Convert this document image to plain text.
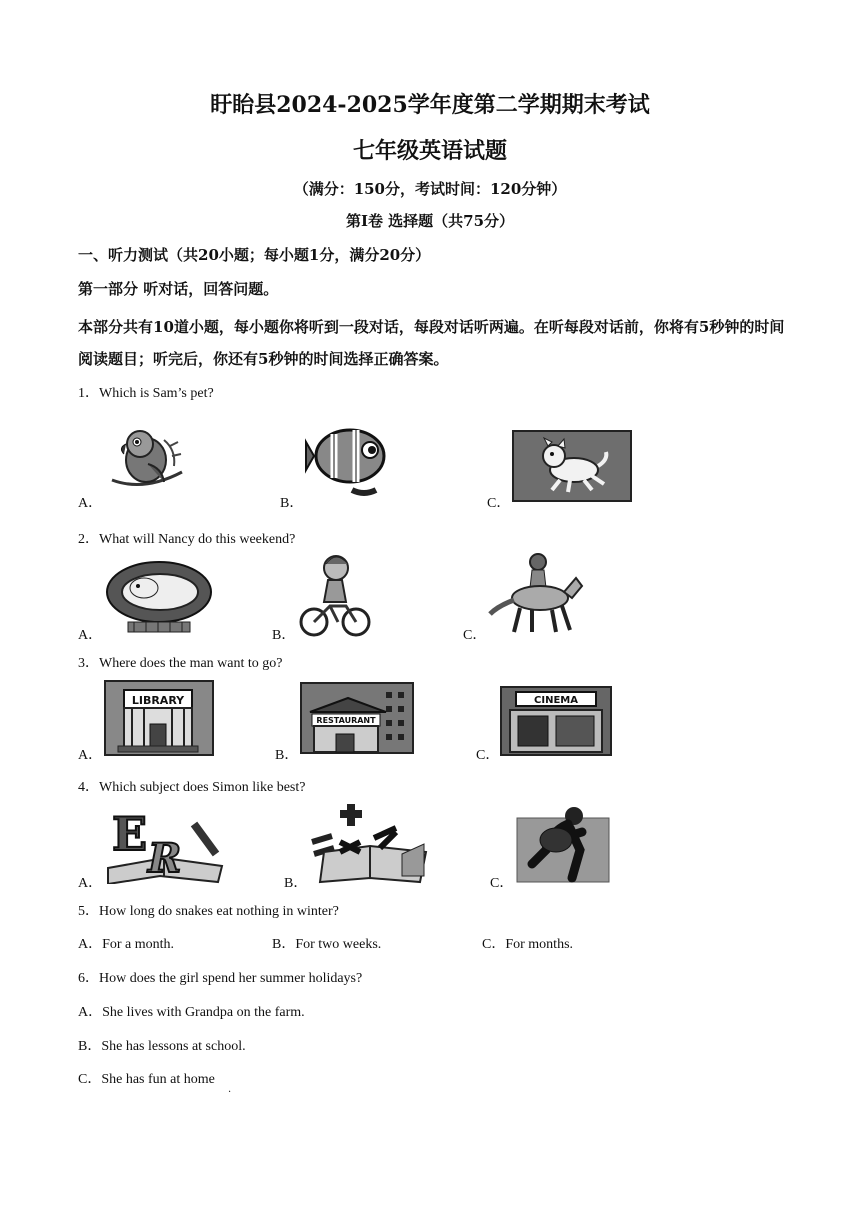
盱眙县2024-2025学年度第二学期期末考试
七年级英语试题
（满分：150分，考试时间：120分钟）
第Ⅰ卷 选择题（共75分）
一、听力测试（共20小题；每小题1分，满分20分）
第一部分 听对话，回答问题。
本部分共有10道小题，每小题你将听到一段对话，每段对话听两遍。在听每段对话前，你将有5秒钟的时间阅读题目；听完后，你还有5秒钟的时间选择正确答案。
1．Which is Sam’s pet?
A．	B．	C．
2．What will Nancy do this weekend?
A．	B．	C．
3．Where does the man want to go?
A．	B．	C．
LIBRARY
RESTAURANT
CINEMA
4．Which subject does Simon like best?
A．	B．	C．
E R
5．How long do snakes eat nothing in winter?
A．For a month.	B．For two weeks.	C．For months.
6．How does the girl spend her summer holidays?
A．She lives with Grandpa on the farm.
B．She has lessons at school.
C．She has fun at home
.
